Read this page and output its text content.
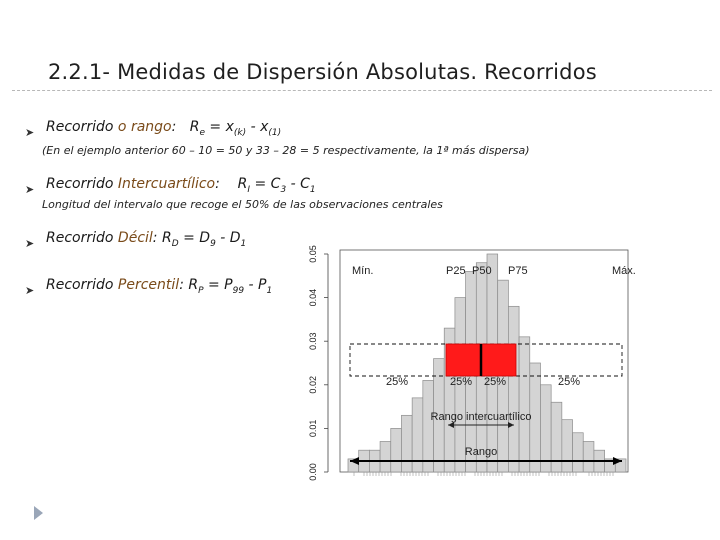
2.2.1- Medidas de Dispersión Absolutas. Recorridos
➤ Recorrido o rango: $R_e = x_{(k)} - x_{(1)}$
(En el ejemplo anterior 60 – 10 = 50 y 33 – 28 = 5 respectivamente, la 1ª más dispersa)
➤ Recorrido Intercuartílico: $R_I = C_3 - C_1$
Longitud del intervalo que recoge el 50% de las observaciones centrales
➤ Recorrido Décil: $R_D = D_9 - D_1$
➤ Recorrido Percentil: $R_P = P_{99} - P_1$
0.00
0.01
0.02
0.03
0.04
0.05
Mín.	P25 P50 P75	Máx.
25%	25% 25%	25%
Rango intercuartílico
Rango
